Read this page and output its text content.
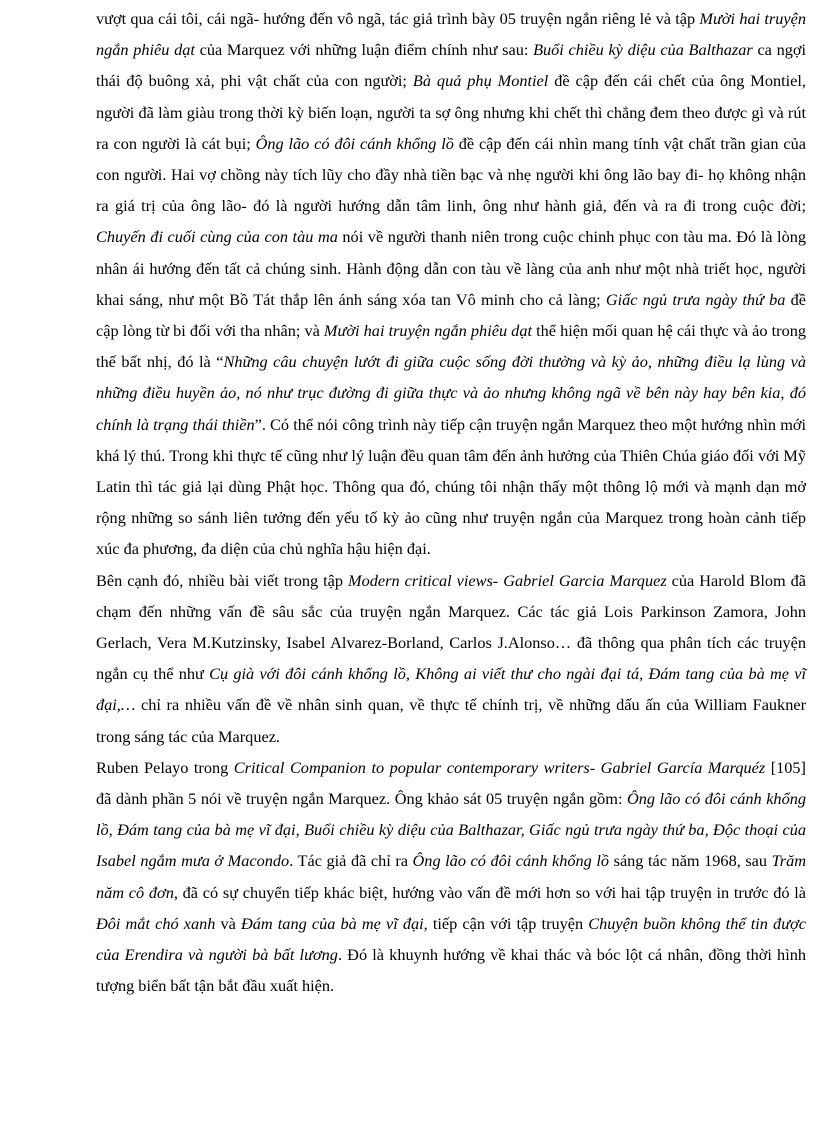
vượt qua cái tôi, cái ngã- hướng đến vô ngã, tác giả trình bày 05 truyện ngắn riêng lẻ và tập Mười hai truyện ngắn phiêu dạt của Marquez với những luận điểm chính như sau: Buổi chiều kỳ diệu của Balthazar ca ngợi thái độ buông xả, phi vật chất của con người; Bà quả phụ Montiel đề cập đến cái chết của ông Montiel, người đã làm giàu trong thời kỳ biến loạn, người ta sợ ông nhưng khi chết thì chẳng đem theo được gì và rút ra con người là cát bụi; Ông lão có đôi cánh khổng lồ đề cập đến cái nhìn mang tính vật chất trần gian của con người. Hai vợ chồng này tích lũy cho đầy nhà tiền bạc và nhẹ người khi ông lão bay đi- họ không nhận ra giá trị của ông lão- đó là người hướng dẫn tâm linh, ông như hành giả, đến và ra đi trong cuộc đời; Chuyến đi cuối cùng của con tàu ma nói về người thanh niên trong cuộc chinh phục con tàu ma. Đó là lòng nhân ái hướng đến tất cả chúng sinh. Hành động dẫn con tàu về làng của anh như một nhà triết học, người khai sáng, như một Bồ Tát thắp lên ánh sáng xóa tan Vô minh cho cả làng; Giấc ngủ trưa ngày thứ ba đề cập lòng từ bi đối với tha nhân; và Mười hai truyện ngắn phiêu dạt thể hiện mối quan hệ cái thực và ảo trong thế bất nhị, đó là “Những câu chuyện lướt đi giữa cuộc sống đời thường và kỳ ảo, những điều lạ lùng và những điều huyền ảo, nó như trục đường đi giữa thực và ảo nhưng không ngã về bên này hay bên kia, đó chính là trạng thái thiền”. Có thể nói công trình này tiếp cận truyện ngắn Marquez theo một hướng nhìn mới khá lý thú. Trong khi thực tế cũng như lý luận đều quan tâm đến ảnh hưởng của Thiên Chúa giáo đối với Mỹ Latin thì tác giả lại dùng Phật học. Thông qua đó, chúng tôi nhận thấy một thông lộ mới và mạnh dạn mở rộng những so sánh liên tưởng đến yếu tố kỳ ảo cũng như truyện ngắn của Marquez trong hoàn cảnh tiếp xúc đa phương, đa diện của chủ nghĩa hậu hiện đại.

Bên cạnh đó, nhiều bài viết trong tập Modern critical views- Gabriel Garcia Marquez của Harold Blom đã chạm đến những vấn đề sâu sắc của truyện ngắn Marquez. Các tác giả Lois Parkinson Zamora, John Gerlach, Vera M.Kutzinsky, Isabel Alvarez-Borland, Carlos J.Alonso… đã thông qua phân tích các truyện ngắn cụ thể như Cụ già với đôi cánh khổng lồ, Không ai viết thư cho ngài đại tá, Đám tang của bà mẹ vĩ đại,… chỉ ra nhiều vấn đề về nhân sinh quan, về thực tế chính trị, về những dấu ấn của William Faukner trong sáng tác của Marquez.

Ruben Pelayo trong Critical Companion to popular contemporary writers- Gabriel García Marquéz [105] đã dành phần 5 nói về truyện ngắn Marquez. Ông khảo sát 05 truyện ngắn gồm: Ông lão có đôi cánh khổng lồ, Đám tang của bà mẹ vĩ đại, Buổi chiều kỳ diệu của Balthazar, Giấc ngủ trưa ngày thứ ba, Độc thoại của Isabel ngắm mưa ở Macondo. Tác giả đã chỉ ra Ông lão có đôi cánh khổng lồ sáng tác năm 1968, sau Trăm năm cô đơn, đã có sự chuyển tiếp khác biệt, hướng vào vấn đề mới hơn so với hai tập truyện in trước đó là Đôi mắt chó xanh và Đám tang của bà mẹ vĩ đại, tiếp cận với tập truyện Chuyện buồn không thể tin được của Erendira và người bà bất lương. Đó là khuynh hướng về khai thác và bóc lột cá nhân, đồng thời hình tượng biển bất tận bắt đầu xuất hiện.
